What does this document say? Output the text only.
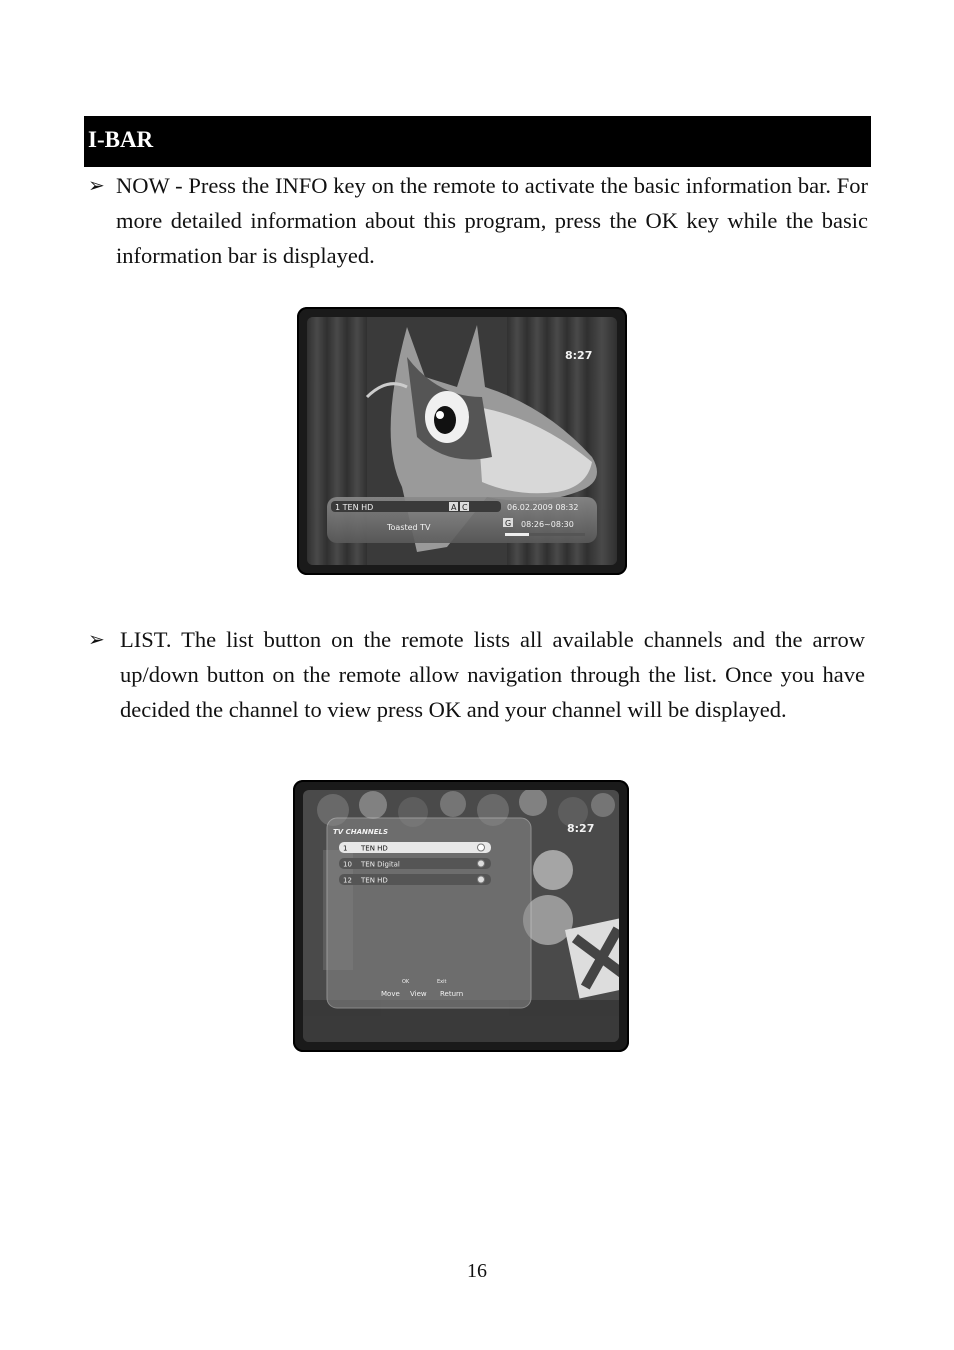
I-BAR
➢ NOW - Press the INFO key on the remote to activate the basic information bar. For more detailed information about this program, press the OK key while the basic information bar is displayed.
1 TEN HD	A C	06.02.2009 08:32
Toasted TV	G 08:26~08:30
8:27
➢ LIST. The list button on the remote lists all available channels and the arrow up/down button on the remote allow navigation through the list. Once you have decided the channel to view press OK and your channel will be displayed.
TV CHANNELS
1 TEN HD
10 TEN Digital
12 TEN HD
OK	Exit
Move View Return
8:27
16
